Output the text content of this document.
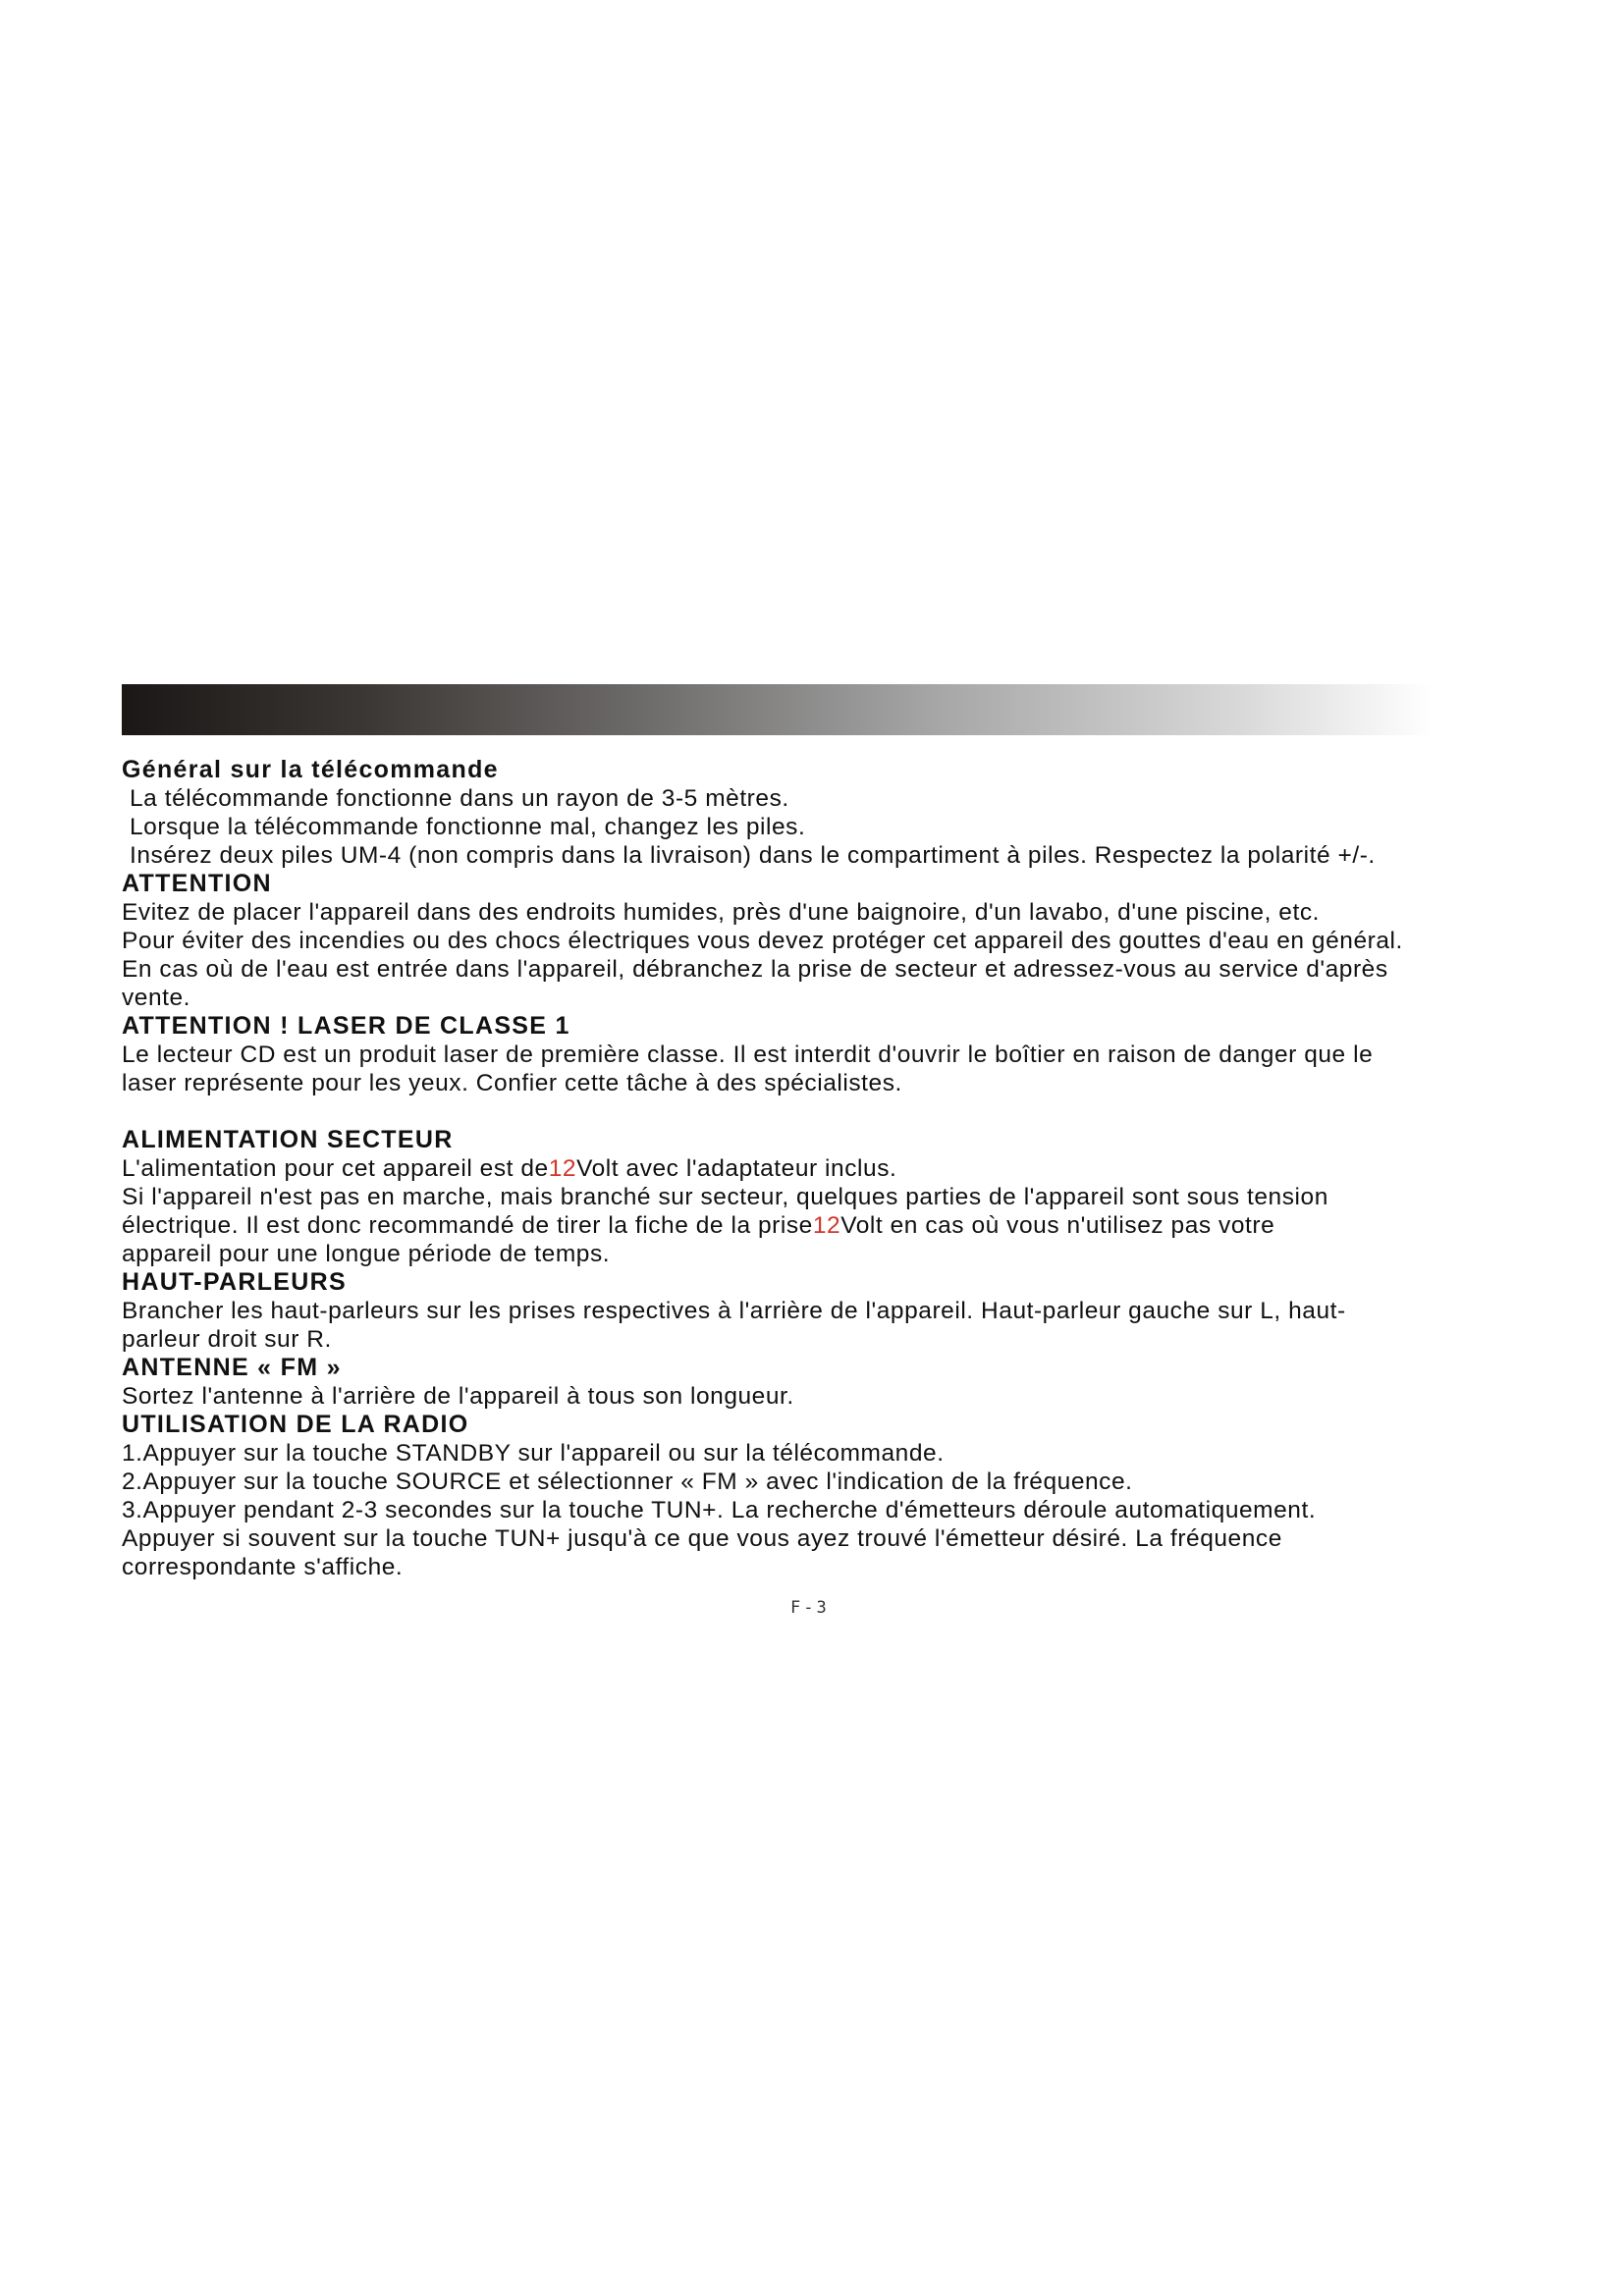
Général sur la télécommande

La télécommande fonctionne dans un rayon de 3-5 mètres.

Lorsque la télécommande fonctionne mal, changez les piles.

Insérez deux piles UM-4 (non compris dans la livraison) dans le compartiment à piles. Respectez la polarité +/-.

ATTENTION

Evitez de placer l'appareil dans des endroits humides, près d'une baignoire, d'un lavabo, d'une piscine, etc.

Pour éviter des incendies ou des chocs électriques vous devez protéger cet appareil des gouttes d'eau en général.

En cas où de l'eau est entrée dans l'appareil, débranchez la prise de secteur et adressez-vous au service d'après

vente.

ATTENTION ! LASER DE CLASSE 1

Le lecteur CD est un produit laser de première classe. Il est interdit d'ouvrir le boîtier en raison de danger que le

laser représente pour les yeux. Confier cette tâche à des spécialistes.

ALIMENTATION SECTEUR

L'alimentation pour cet appareil est de12Volt avec l'adaptateur inclus.

Si l'appareil n'est pas en marche, mais branché sur secteur, quelques parties de l'appareil sont sous tension

électrique. Il est donc recommandé de tirer la fiche de la prise12Volt en cas où vous n'utilisez pas votre

appareil pour une longue période de temps.

HAUT-PARLEURS

Brancher les haut-parleurs sur les prises respectives à l'arrière de l'appareil. Haut-parleur gauche sur L, haut-

parleur droit sur R.

ANTENNE « FM »

Sortez l'antenne à l'arrière de l'appareil à tous son longueur.

UTILISATION DE LA RADIO

1.Appuyer sur la touche STANDBY sur l'appareil ou sur la télécommande.

2.Appuyer sur la touche SOURCE et sélectionner « FM » avec l'indication de la fréquence.

3.Appuyer pendant 2-3 secondes sur la touche TUN+. La recherche d'émetteurs déroule automatiquement.

Appuyer si souvent sur la touche TUN+ jusqu'à ce que vous ayez trouvé l'émetteur désiré. La fréquence

correspondante s'affiche.

F-3
